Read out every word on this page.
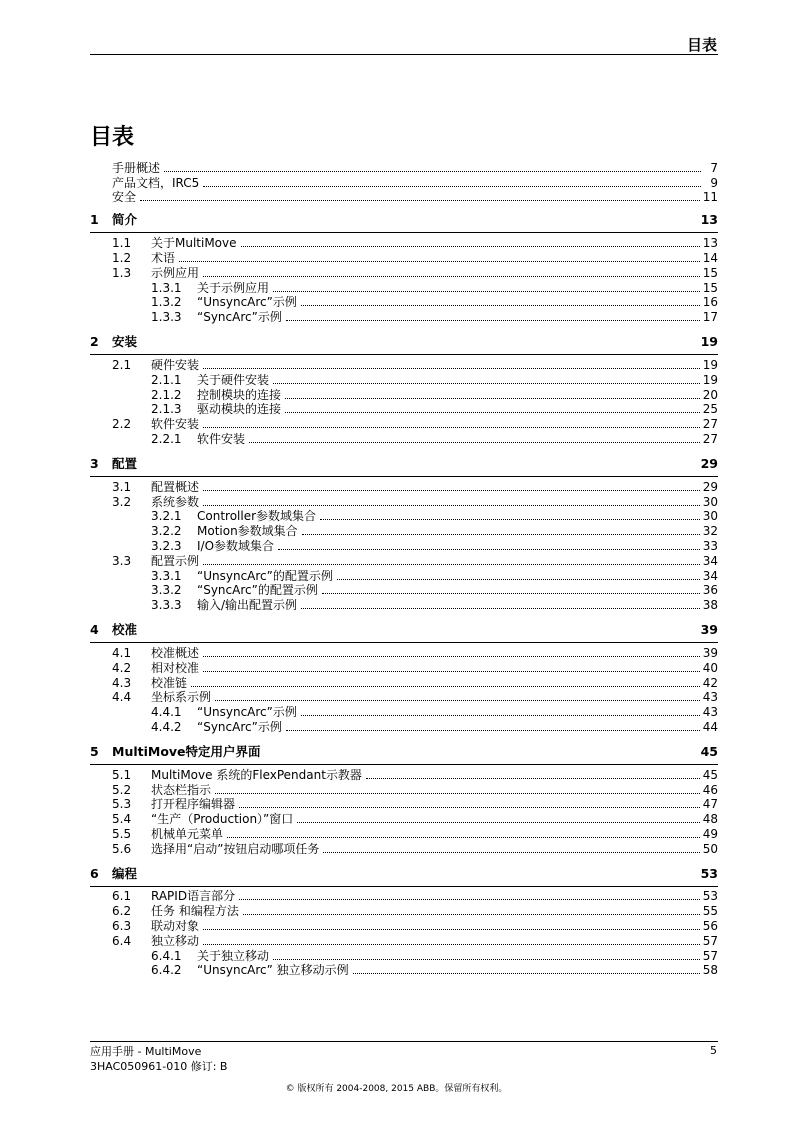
目表
目表
手册概述	7
产品文档，IRC5	9
安全	11
1	简介	13
1.1	关于MultiMove	13
1.2	术语	14
1.3	示例应用	15
1.3.1	关于示例应用	15
1.3.2	“UnsyncArc”示例	16
1.3.3	“SyncArc”示例	17
2	安装	19
2.1	硬件安装	19
2.1.1	关于硬件安装	19
2.1.2	控制模块的连接	20
2.1.3	驱动模块的连接	25
2.2	软件安装	27
2.2.1	软件安装	27
3	配置	29
3.1	配置概述	29
3.2	系统参数	30
3.2.1	Controller参数域集合	30
3.2.2	Motion参数域集合	32
3.2.3	I/O参数域集合	33
3.3	配置示例	34
3.3.1	“UnsyncArc”的配置示例	34
3.3.2	“SyncArc”的配置示例	36
3.3.3	输入/输出配置示例	38
4	校准	39
4.1	校准概述	39
4.2	相对校准	40
4.3	校准链	42
4.4	坐标系示例	43
4.4.1	“UnsyncArc”示例	43
4.4.2	“SyncArc”示例	44
5	MultiMove特定用户界面	45
5.1	MultiMove 系统的FlexPendant示教器	45
5.2	状态栏指示	46
5.3	打开程序编辑器	47
5.4	“生产（Production）”窗口	48
5.5	机械单元菜单	49
5.6	选择用“启动”按钮启动哪项任务	50
6	编程	53
6.1	RAPID语言部分	53
6.2	任务 和编程方法	55
6.3	联动对象	56
6.4	独立移动	57
6.4.1	关于独立移动	57
6.4.2	“UnsyncArc” 独立移动示例	58
应用手册 - MultiMove
3HAC050961-010 修订: B
5
© 版权所有 2004-2008, 2015 ABB。保留所有权利。
